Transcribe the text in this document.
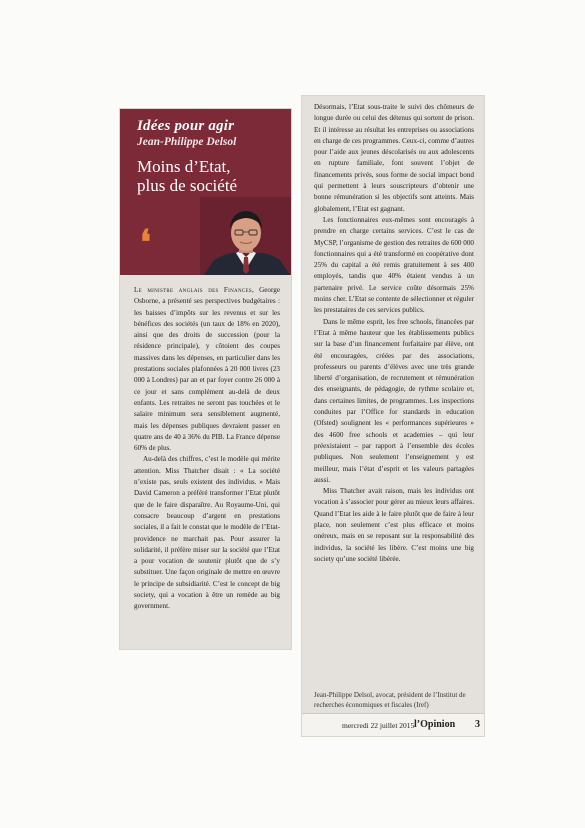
Idées pour agir

Jean-Philippe Delsol

Moins d’Etat,
plus de société
❛

Le ministre anglais des Finances, George Osborne, a présenté ses perspectives budgétaires : les baisses d’impôts sur les revenus et sur les bénéfices des sociétés (un taux de 18% en 2020), ainsi que des droits de succession (pour la résidence principale), y côtoient des coupes massives dans les dépenses, en particulier dans les prestations sociales plafonnées à 20 000 livres (23 000 à Londres) par an et par foyer contre 26 000 à ce jour et sans complément au-delà de deux enfants. Les retraites ne seront pas touchées et le salaire minimum sera sensiblement augmenté, mais les dépenses publiques devraient passer en quatre ans de 40 à 36% du PIB. La France dépense 60% de plus.

Au-delà des chiffres, c’est le modèle qui mérite attention. Miss Thatcher disait : « La société n’existe pas, seuls existent des individus. » Mais David Cameron a préféré transformer l’Etat plutôt que de le faire disparaître. Au Royaume-Uni, qui consacre beaucoup d’argent en prestations sociales, il a fait le constat que le modèle de l’Etat-providence ne marchait pas. Pour assurer la solidarité, il préfère miser sur la société que l’Etat a pour vocation de soutenir plutôt que de s’y substituer. Une façon originale de mettre en œuvre le principe de subsidiarité. C’est le concept de big society, qui a vocation à être un remède au big government.

Désormais, l’Etat sous-traite le suivi des chômeurs de longue durée ou celui des détenus qui sortent de prison. Et il intéresse au résultat les entreprises ou associations en charge de ces programmes. Ceux-ci, comme d’autres pour l’aide aux jeunes déscolarisés ou aux adolescents en rupture familiale, font souvent l’objet de financements privés, sous forme de social impact bond qui permettent à leurs souscripteurs d’obtenir une bonne rémunération si les objectifs sont atteints. Mais globalement, l’Etat est gagnant.

Les fonctionnaires eux-mêmes sont encouragés à prendre en charge certains services. C’est le cas de MyCSP, l’organisme de gestion des retraites de 600 000 fonctionnaires qui a été transformé en coopérative dont 25% du capital a été remis gratuitement à ses 400 employés, tandis que 40% étaient vendus à un partenaire privé. Le service coûte désormais 25% moins cher. L’Etat se contente de sélectionner et réguler les prestataires de ces services publics.

Dans le même esprit, les free schools, financées par l’Etat à même hauteur que les établissements publics sur la base d’un financement forfaitaire par élève, ont été encouragées, créées par des associations, professeurs ou parents d’élèves avec une très grande liberté d’organisation, de recrutement et rémunération des enseignants, de pédagogie, de rythme scolaire et, dans certaines limites, de programmes. Les inspections conduites par l’Office for standards in education (Ofsted) soulignent les « performances supérieures » des 4600 free schools et academies – qui leur préexistaient – par rapport à l’ensemble des écoles publiques. Non seulement l’enseignement y est meilleur, mais l’état d’esprit et les valeurs partagées aussi.

Miss Thatcher avait raison, mais les individus ont vocation à s’associer pour gérer au mieux leurs affaires. Quand l’Etat les aide à le faire plutôt que de faire à leur place, non seulement c’est plus efficace et moins onéreux, mais en se reposant sur la responsabilité des individus, la société les libère. C’est moins une big society qu’une société libérée.

Jean-Philippe Delsol, avocat, président de l’Institut de recherches économiques et fiscales (Iref)

mercredi 22 juillet 2015 l’Opinion 3
